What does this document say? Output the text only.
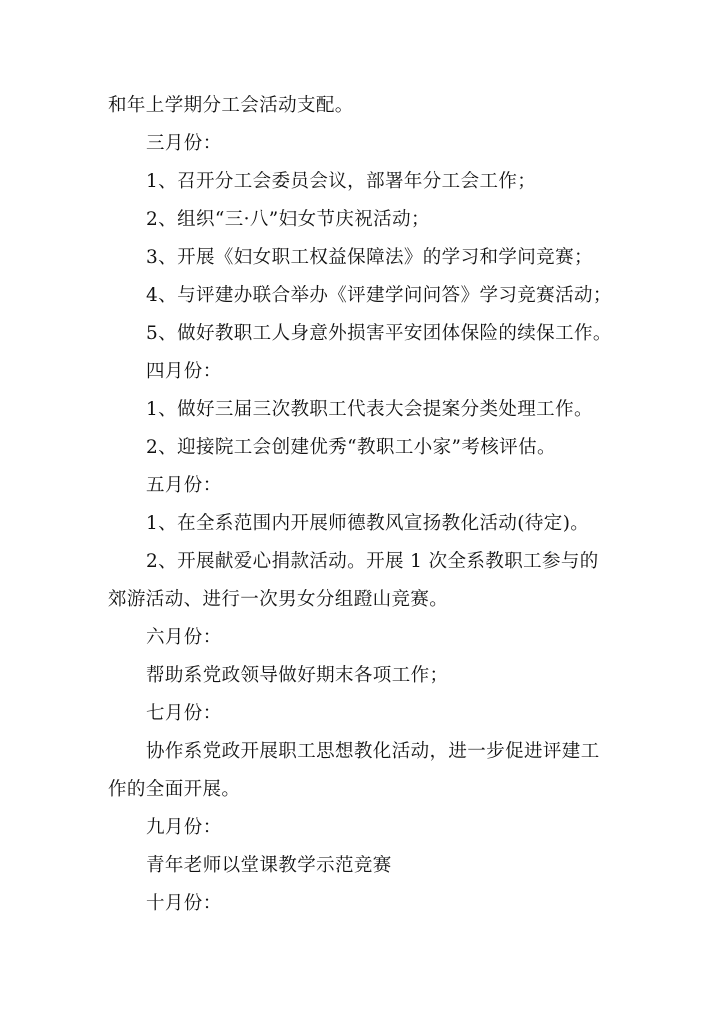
和年上学期分工会活动支配。
三月份：
1、召开分工会委员会议，部署年分工会工作；
2、组织“三·八”妇女节庆祝活动；
3、开展《妇女职工权益保障法》的学习和学问竞赛；
4、与评建办联合举办《评建学问问答》学习竞赛活动；
5、做好教职工人身意外损害平安团体保险的续保工作。
四月份：
1、做好三届三次教职工代表大会提案分类处理工作。
2、迎接院工会创建优秀“教职工小家”考核评估。
五月份：
1、在全系范围内开展师德教风宣扬教化活动(待定)。
2、开展献爱心捐款活动。开展 1 次全系教职工参与的
郊游活动、进行一次男女分组蹬山竞赛。
六月份：
帮助系党政领导做好期末各项工作；
七月份：
协作系党政开展职工思想教化活动，进一步促进评建工
作的全面开展。
九月份：
青年老师以堂课教学示范竞赛
十月份：
